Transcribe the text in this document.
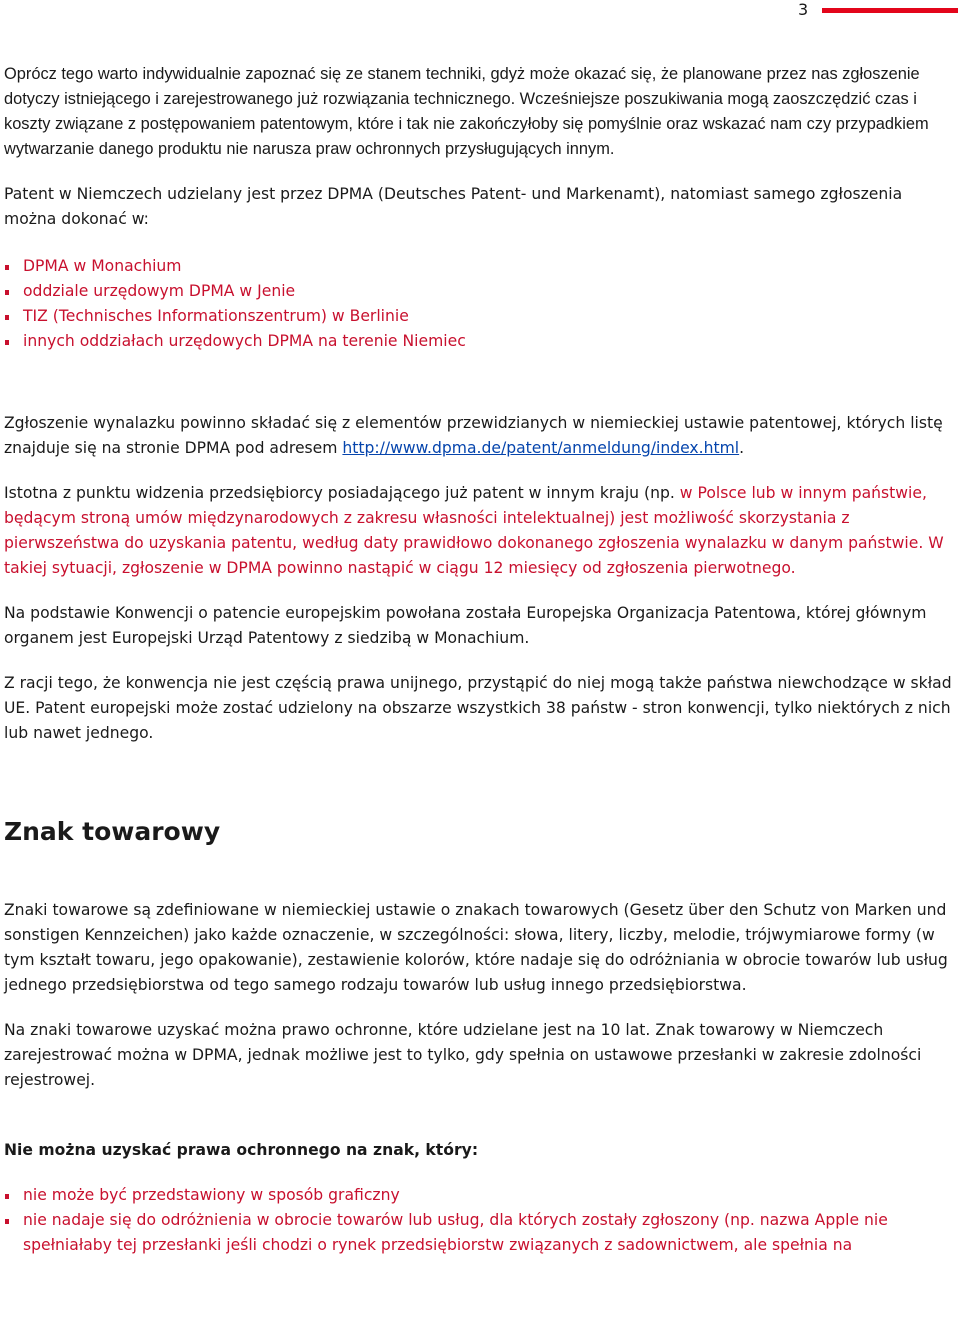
3

Oprócz tego warto indywidualnie zapoznać się ze stanem techniki, gdyż może okazać się, że planowane przez nas zgłoszenie dotyczy istniejącego i zarejestrowanego już rozwiązania technicznego. Wcześniejsze poszukiwania mogą zaoszczędzić czas i koszty związane z postępowaniem patentowym, które i tak nie zakończyłoby się pomyślnie oraz wskazać nam czy przypadkiem wytwarzanie danego produktu nie narusza praw ochronnych przysługujących innym.

Patent w Niemczech udzielany jest przez DPMA (Deutsches Patent- und Markenamt), natomiast samego zgłoszenia można dokonać w:

DPMA w Monachium
oddziale urzędowym DPMA w Jenie
TIZ (Technisches Informationszentrum) w Berlinie
innych oddziałach urzędowych DPMA na terenie Niemiec

Zgłoszenie wynalazku powinno składać się z elementów przewidzianych w niemieckiej ustawie patentowej, których listę znajduje się na stronie DPMA pod adresem http://www.dpma.de/patent/anmeldung/index.html.

Istotna z punktu widzenia przedsiębiorcy posiadającego już patent w innym kraju (np. w Polsce lub w innym państwie, będącym stroną umów międzynarodowych z zakresu własności intelektualnej) jest możliwość skorzystania z pierwszeństwa do uzyskania patentu, według daty prawidłowo dokonanego zgłoszenia wynalazku w danym państwie. W takiej sytuacji, zgłoszenie w DPMA powinno nastąpić w ciągu 12 miesięcy od zgłoszenia pierwotnego.

Na podstawie Konwencji o patencie europejskim powołana została Europejska Organizacja Patentowa, której głównym organem jest Europejski Urząd Patentowy z siedzibą w Monachium.

Z racji tego, że konwencja nie jest częścią prawa unijnego, przystąpić do niej mogą także państwa niewchodzące w skład UE. Patent europejski może zostać udzielony na obszarze wszystkich 38 państw - stron konwencji, tylko niektórych z nich lub nawet jednego.

Znak towarowy

Znaki towarowe są zdefiniowane w niemieckiej ustawie o znakach towarowych (Gesetz über den Schutz von Marken und sonstigen Kennzeichen) jako każde oznaczenie, w szczególności: słowa, litery, liczby, melodie, trójwymiarowe formy (w tym kształt towaru, jego opakowanie), zestawienie kolorów, które nadaje się do odróżniania w obrocie towarów lub usług jednego przedsiębiorstwa od tego samego rodzaju towarów lub usług innego przedsiębiorstwa.

Na znaki towarowe uzyskać można prawo ochronne, które udzielane jest na 10 lat. Znak towarowy w Niemczech zarejestrować można w DPMA, jednak możliwe jest to tylko, gdy spełnia on ustawowe przesłanki w zakresie zdolności rejestrowej.

Nie można uzyskać prawa ochronnego na znak, który:
nie może być przedstawiony w sposób graficzny
nie nadaje się do odróżnienia w obrocie towarów lub usług, dla których zostały zgłoszony (np. nazwa Apple nie spełniałaby tej przesłanki jeśli chodzi o rynek przedsiębiorstw związanych z sadownictwem, ale spełnia na
